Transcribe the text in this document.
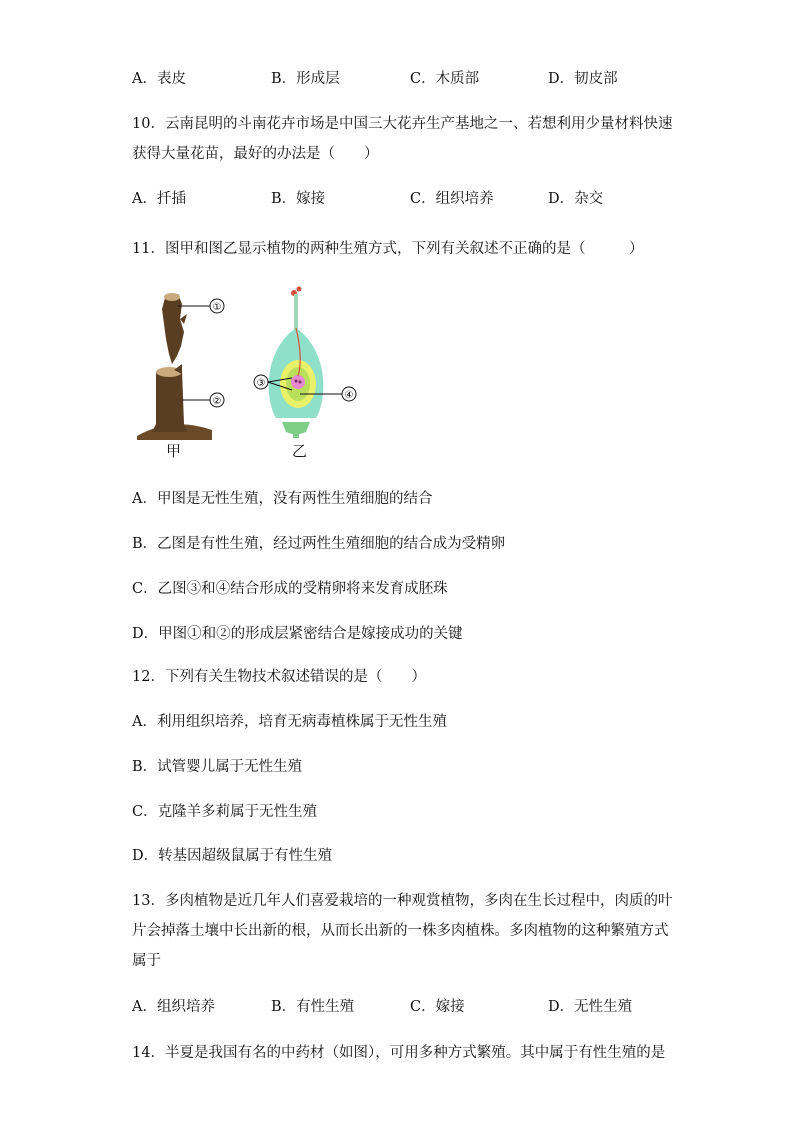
A．表皮	B．形成层	C．木质部	D．韧皮部
10．云南昆明的斗南花卉市场是中国三大花卉生产基地之一、若想利用少量材料快速
获得大量花苗，最好的办法是（　　）
A．扦插	B．嫁接	C．组织培养	D．杂交
11．图甲和图乙显示植物的两种生殖方式，下列有关叙述不正确的是（　　　）
①
②
③
④
甲	乙
A．甲图是无性生殖，没有两性生殖细胞的结合
B．乙图是有性生殖，经过两性生殖细胞的结合成为受精卵
C．乙图③和④结合形成的受精卵将来发育成胚珠
D．甲图①和②的形成层紧密结合是嫁接成功的关键
12．下列有关生物技术叙述错误的是（　　）
A．利用组织培养，培育无病毒植株属于无性生殖
B．试管婴儿属于无性生殖
C．克隆羊多莉属于无性生殖
D．转基因超级鼠属于有性生殖
13．多肉植物是近几年人们喜爱栽培的一种观赏植物，多肉在生长过程中，肉质的叶
片会掉落土壤中长出新的根，从而长出新的一株多肉植株。多肉植物的这种繁殖方式
属于
A．组织培养	B．有性生殖	C．嫁接	D．无性生殖
14．半夏是我国有名的中药材（如图），可用多种方式繁殖。其中属于有性生殖的是
